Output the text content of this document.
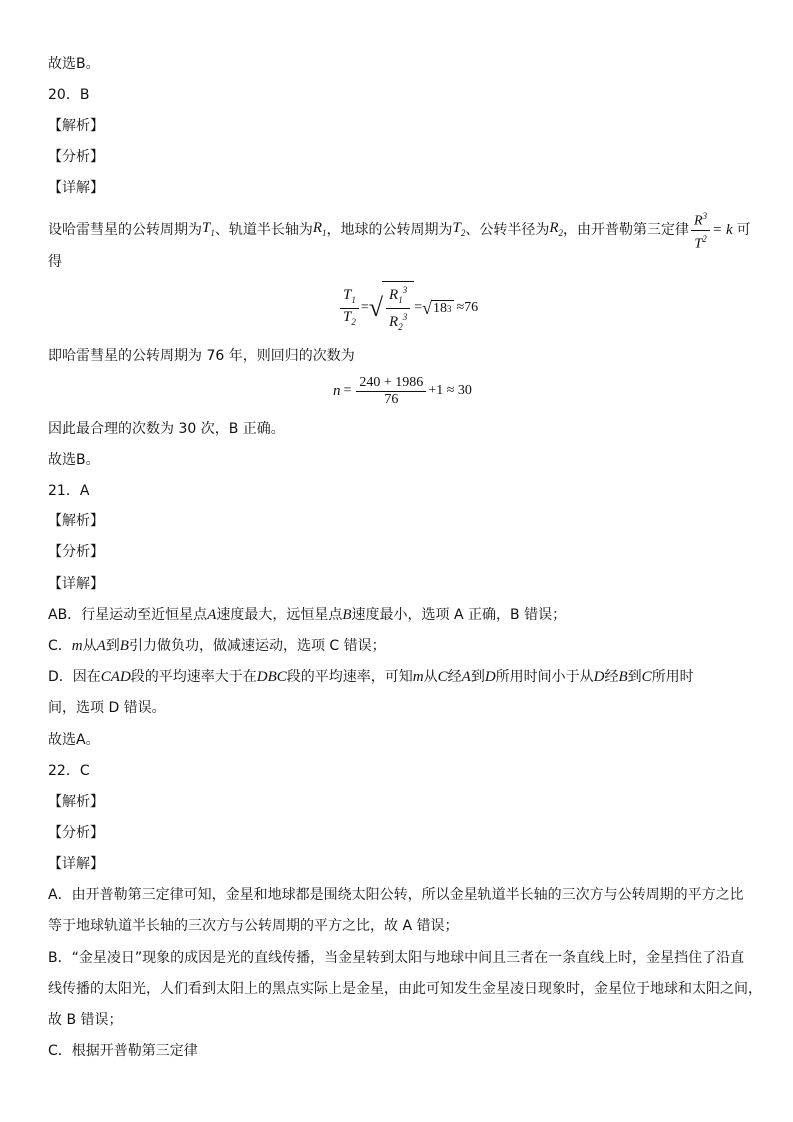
故选B。
20．B
【解析】
【分析】
【详解】
设哈雷彗星的公转周期为 $T_1$ 、轨道半长轴为 $R_1$ ，地球的公转周期为 $T_2$ 、公转半径为 $R_2$ ，由开普勒第三定律 $\frac{R^3}{T^2} = k$ 可
得
$\frac{T_1}{T_2}$ = √ $\frac{R_1^3}{R_2^3}$ = √ 18 3 ≈76
即哈雷彗星的公转周期为 76 年，则回归的次数为
$n = \frac{240 + 1986}{76} +1 \approx 30$
因此最合理的次数为 30 次，B 正确。
故选B。
21．A
【解析】
【分析】
【详解】
AB．行星运动至近恒星点A速度最大，远恒星点B速度最小，选项 A 正确，B 错误；
C．m从A到B引力做负功，做减速运动，选项 C 错误；
D．因在CAD段的平均速率大于在DBC段的平均速率，可知m从C经A到D所用时间小于从D经B到C所用时
间，选项 D 错误。
故选A。
22．C
【解析】
【分析】
【详解】
A．由开普勒第三定律可知，金星和地球都是围绕太阳公转，所以金星轨道半长轴的三次方与公转周期的平方之比
等于地球轨道半长轴的三次方与公转周期的平方之比，故 A 错误；
B．“金星凌日”现象的成因是光的直线传播，当金星转到太阳与地球中间且三者在一条直线上时，金星挡住了沿直
线传播的太阳光，人们看到太阳上的黑点实际上是金星，由此可知发生金星凌日现象时，金星位于地球和太阳之间，
故 B 错误；
C．根据开普勒第三定律
